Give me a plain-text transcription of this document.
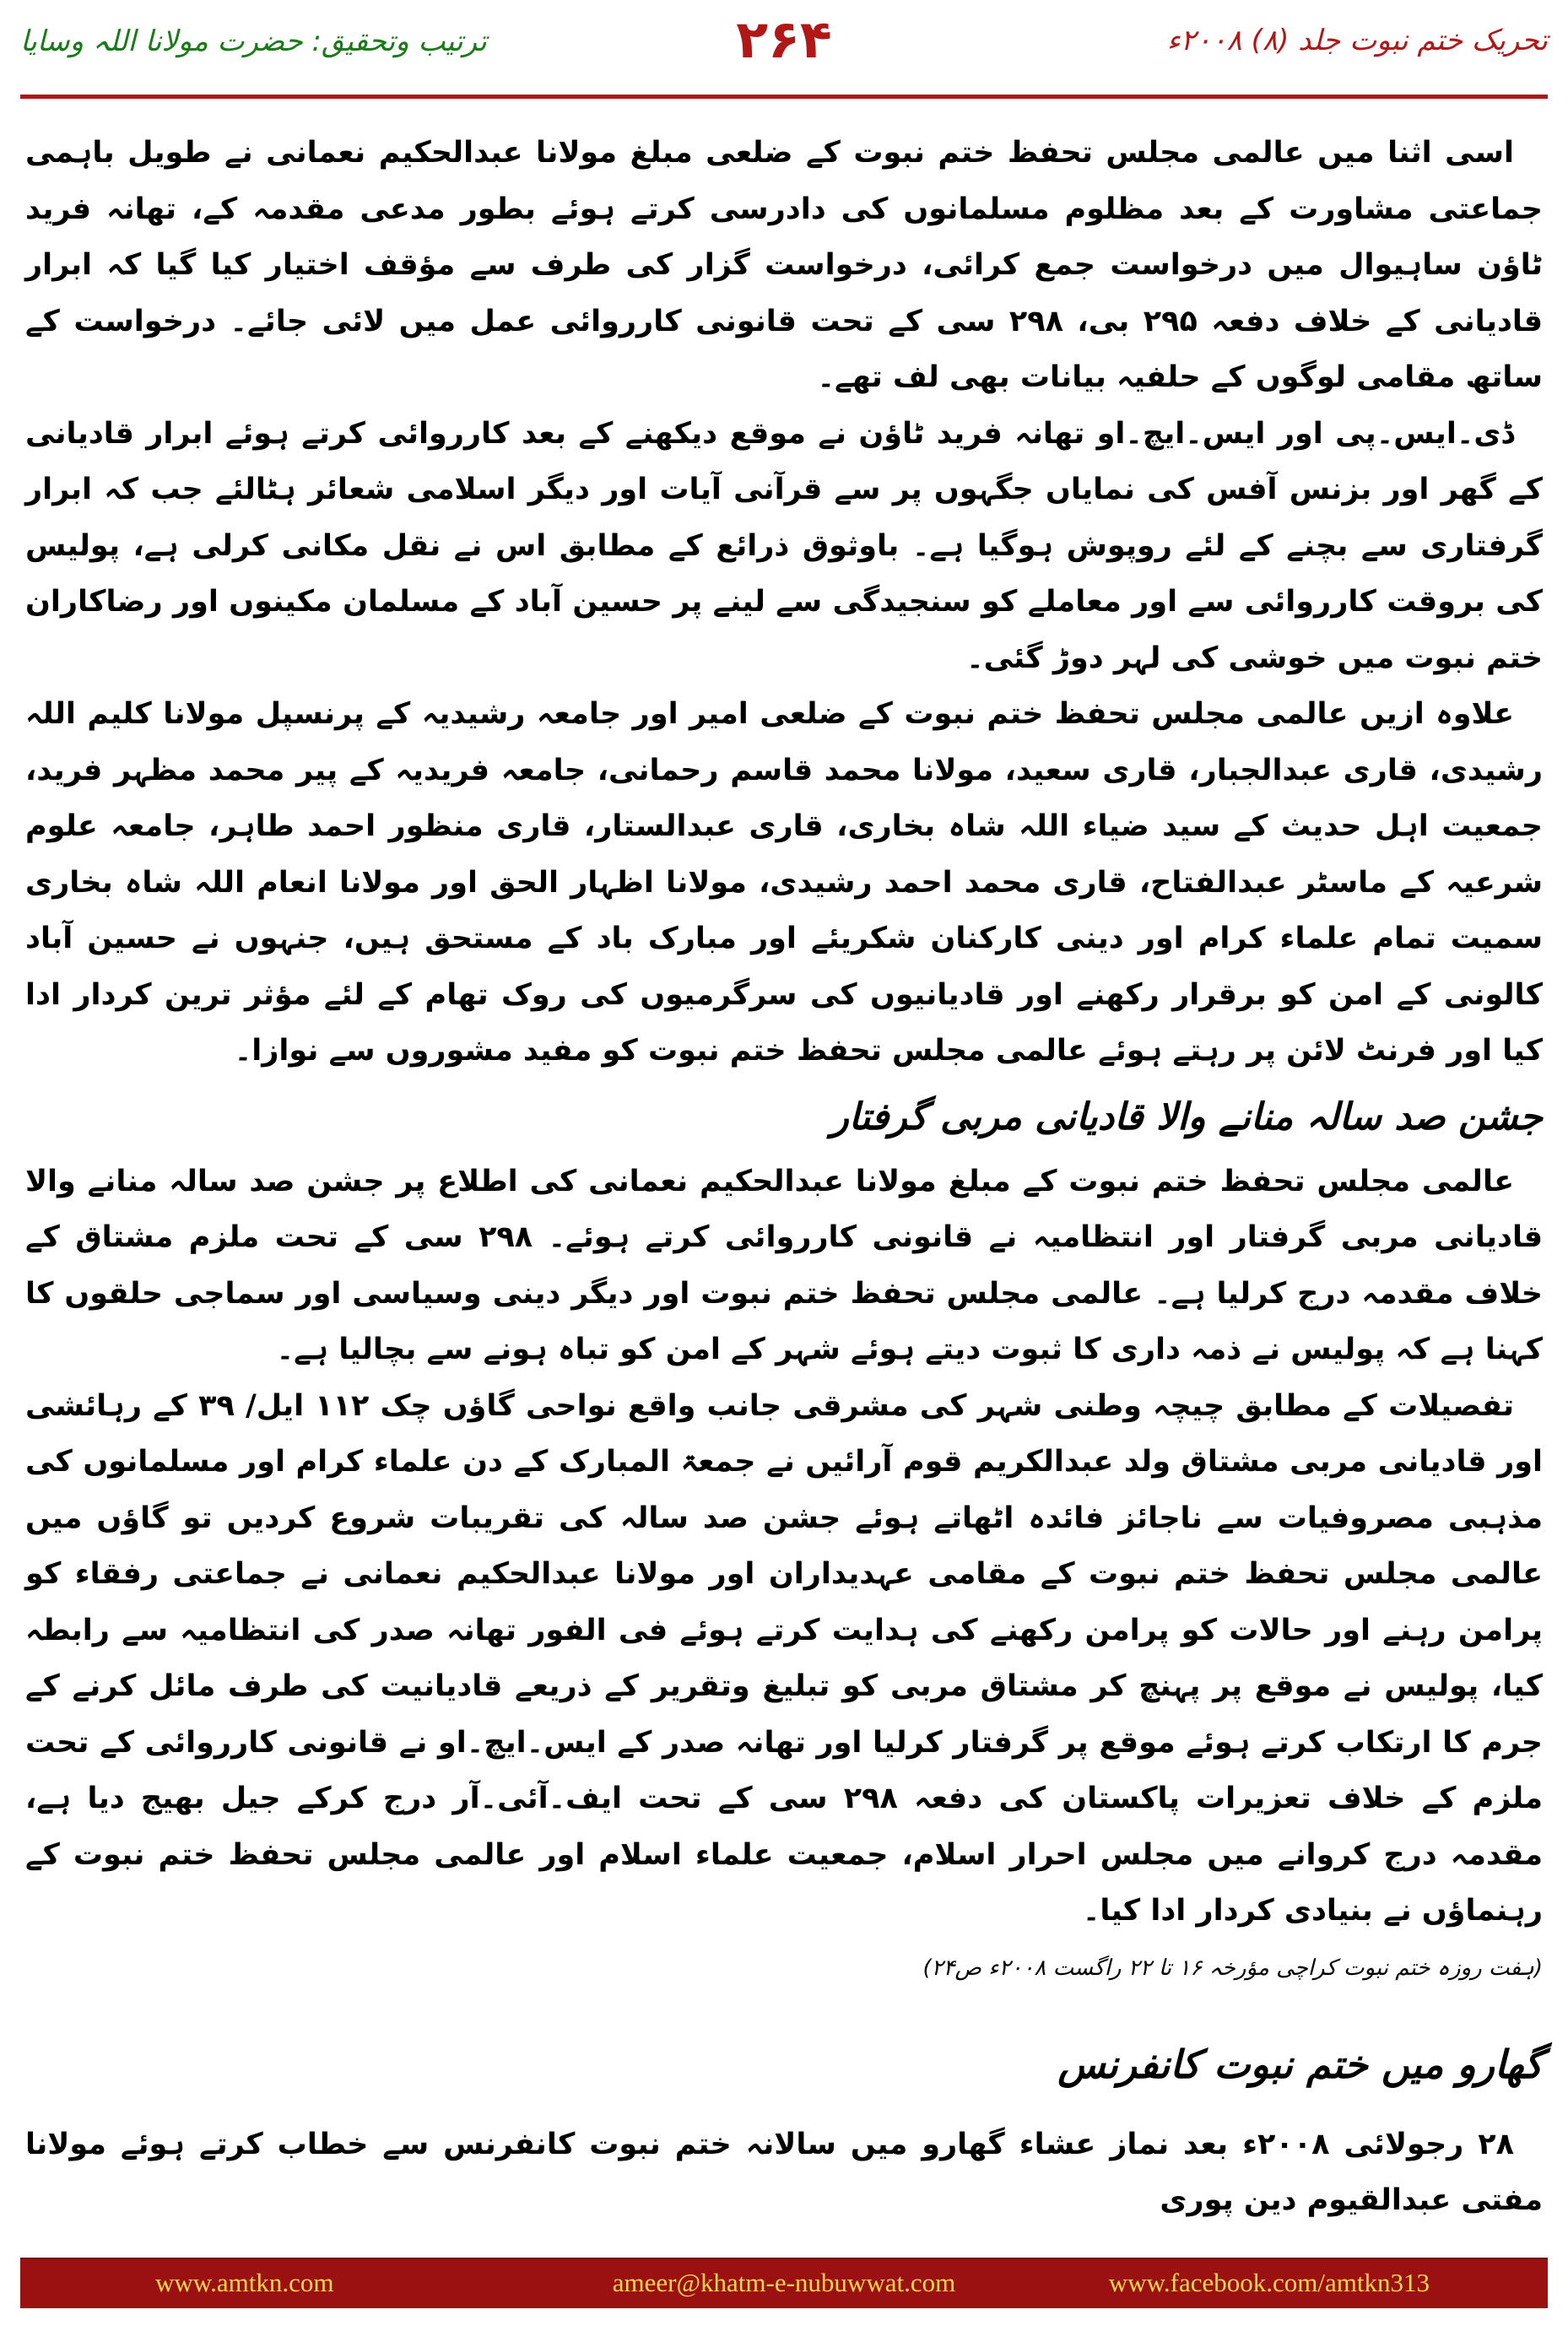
ترتیب وتحقیق: حضرت مولانا اللہ وسایا	۲۶۴	تحریک ختم نبوت جلد (۸) ۲۰۰۸ء

اسی اثنا میں عالمی مجلس تحفظ ختم نبوت کے ضلعی مبلغ مولانا عبدالحکیم نعمانی نے طویل باہمی جماعتی مشاورت کے بعد مظلوم مسلمانوں کی دادرسی کرتے ہوئے بطور مدعی مقدمہ کے، تھانہ فرید ٹاؤن ساہیوال میں درخواست جمع کرائی، درخواست گزار کی طرف سے مؤقف اختیار کیا گیا کہ ابرار قادیانی کے خلاف دفعہ ۲۹۵ بی، ۲۹۸ سی کے تحت قانونی کارروائی عمل میں لائی جائے۔ درخواست کے ساتھ مقامی لوگوں کے حلفیہ بیانات بھی لف تھے۔

ڈی۔ایس۔پی اور ایس۔ایچ۔او تھانہ فرید ٹاؤن نے موقع دیکھنے کے بعد کارروائی کرتے ہوئے ابرار قادیانی کے گھر اور بزنس آفس کی نمایاں جگہوں پر سے قرآنی آیات اور دیگر اسلامی شعائر ہٹالئے جب کہ ابرار گرفتاری سے بچنے کے لئے روپوش ہوگیا ہے۔ باوثوق ذرائع کے مطابق اس نے نقل مکانی کرلی ہے، پولیس کی بروقت کارروائی سے اور معاملے کو سنجیدگی سے لینے پر حسین آباد کے مسلمان مکینوں اور رضاکاران ختم نبوت میں خوشی کی لہر دوڑ گئی۔

علاوہ ازیں عالمی مجلس تحفظ ختم نبوت کے ضلعی امیر اور جامعہ رشیدیہ کے پرنسپل مولانا کلیم اللہ رشیدی، قاری عبدالجبار، قاری سعید، مولانا محمد قاسم رحمانی، جامعہ فریدیہ کے پیر محمد مظہر فرید، جمعیت اہل حدیث کے سید ضیاء اللہ شاہ بخاری، قاری عبدالستار، قاری منظور احمد طاہر، جامعہ علوم شرعیہ کے ماسٹر عبدالفتاح، قاری محمد احمد رشیدی، مولانا اظہار الحق اور مولانا انعام اللہ شاہ بخاری سمیت تمام علماء کرام اور دینی کارکنان شکریئے اور مبارک باد کے مستحق ہیں، جنہوں نے حسین آباد کالونی کے امن کو برقرار رکھنے اور قادیانیوں کی سرگرمیوں کی روک تھام کے لئے مؤثر ترین کردار ادا کیا اور فرنٹ لائن پر رہتے ہوئے عالمی مجلس تحفظ ختم نبوت کو مفید مشوروں سے نوازا۔

جشن صد سالہ منانے والا قادیانی مربی گرفتار

عالمی مجلس تحفظ ختم نبوت کے مبلغ مولانا عبدالحکیم نعمانی کی اطلاع پر جشن صد سالہ منانے والا قادیانی مربی گرفتار اور انتظامیہ نے قانونی کارروائی کرتے ہوئے۔ ۲۹۸ سی کے تحت ملزم مشتاق کے خلاف مقدمہ درج کرلیا ہے۔ عالمی مجلس تحفظ ختم نبوت اور دیگر دینی وسیاسی اور سماجی حلقوں کا کہنا ہے کہ پولیس نے ذمہ داری کا ثبوت دیتے ہوئے شہر کے امن کو تباہ ہونے سے بچالیا ہے۔

تفصیلات کے مطابق چیچہ وطنی شہر کی مشرقی جانب واقع نواحی گاؤں چک ۱۱۲ ایل/ ۳۹ کے رہائشی اور قادیانی مربی مشتاق ولد عبدالکریم قوم آرائیں نے جمعۃ المبارک کے دن علماء کرام اور مسلمانوں کی مذہبی مصروفیات سے ناجائز فائدہ اٹھاتے ہوئے جشن صد سالہ کی تقریبات شروع کردیں تو گاؤں میں عالمی مجلس تحفظ ختم نبوت کے مقامی عہدیداران اور مولانا عبدالحکیم نعمانی نے جماعتی رفقاء کو پرامن رہنے اور حالات کو پرامن رکھنے کی ہدایت کرتے ہوئے فی الفور تھانہ صدر کی انتظامیہ سے رابطہ کیا، پولیس نے موقع پر پہنچ کر مشتاق مربی کو تبلیغ وتقریر کے ذریعے قادیانیت کی طرف مائل کرنے کے جرم کا ارتکاب کرتے ہوئے موقع پر گرفتار کرلیا اور تھانہ صدر کے ایس۔ایچ۔او نے قانونی کارروائی کے تحت ملزم کے خلاف تعزیرات پاکستان کی دفعہ ۲۹۸ سی کے تحت ایف۔آئی۔آر درج کرکے جیل بھیج دیا ہے، مقدمہ درج کروانے میں مجلس احرار اسلام، جمعیت علماء اسلام اور عالمی مجلس تحفظ ختم نبوت کے رہنماؤں نے بنیادی کردار ادا کیا۔

(ہفت روزہ ختم نبوت کراچی مؤرخہ ۱۶ تا ۲۲ راگست ۲۰۰۸ء ص۲۴)

گھارو میں ختم نبوت کانفرنس

۲۸ رجولائی ۲۰۰۸ء بعد نماز عشاء گھارو میں سالانہ ختم نبوت کانفرنس سے خطاب کرتے ہوئے مولانا مفتی عبدالقیوم دین پوری

www.amtkn.com	ameer@khatm-e-nubuwwat.com	www.facebook.com/amtkn313
